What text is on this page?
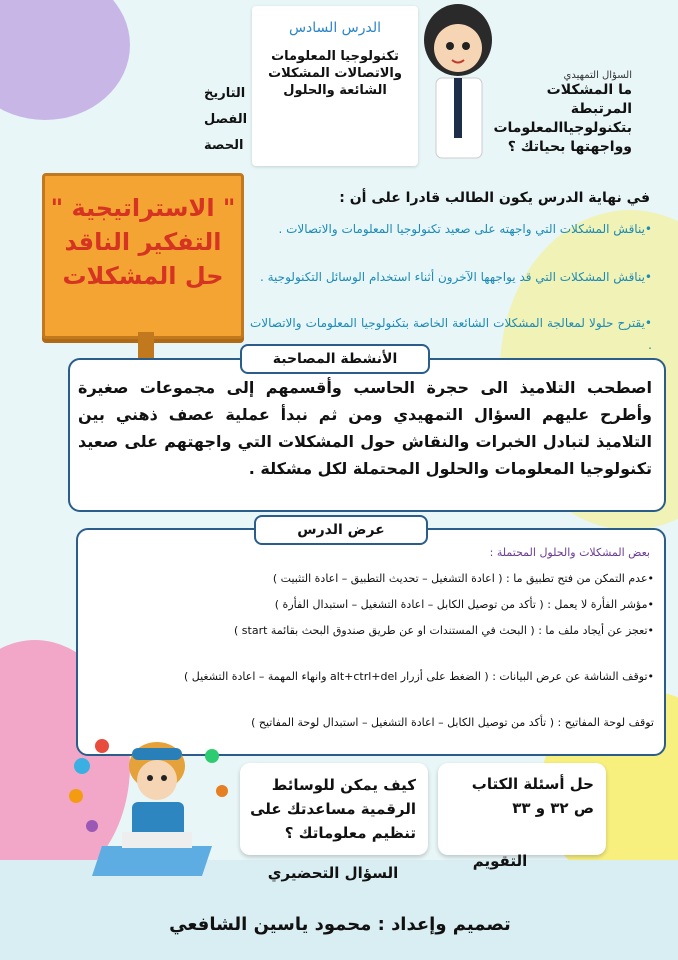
الدرس السادس
تكنولوجيا المعلومات والاتصالات المشكلات الشائعة والحلول
التاريخ
الفصل
الحصة
السؤال التمهيدي
ما المشكلات المرتبطة بتكنولوجياالمعلومات وواجهتها بحياتك ؟
" الاستراتيجية "
التفكير الناقد
حل المشكلات
في نهاية الدرس يكون الطالب قادرا على أن :
•يناقش المشكلات التي واجهته على صعيد تكنولوجيا المعلومات والاتصالات .
•يناقش المشكلات التي قد يواجهها الآخرون أثناء استخدام الوسائل التكنولوجية .
•يقترح حلولا لمعالجة المشكلات الشائعة الخاصة بتكنولوجيا المعلومات والاتصالات .
الأنشطة المصاحبة
اصطحب التلاميذ الى حجرة الحاسب وأقسمهم إلى مجموعات صغيرة وأطرح عليهم السؤال التمهيدي ومن ثم نبدأ عملية عصف ذهني بين التلاميذ لتبادل الخبرات والنقاش حول المشكلات التي واجهتهم على صعيد تكنولوجيا المعلومات والحلول المحتملة لكل مشكلة .
عرض الدرس
بعض المشكلات والحلول المحتملة :
•عدم التمكن من فتح تطبيق ما : ( اعادة التشغيل – تحديث التطبيق – اعادة التثبيت )
•مؤشر الفأرة لا يعمل : ( تأكد من توصيل الكابل – اعادة التشغيل – استبدال الفأرة )
•تعجز عن أيجاد ملف ما : ( البحث في المستندات او عن طريق صندوق البحث بقائمة start )
•توقف الشاشة عن عرض البيانات : ( الضغط على أزرار alt+ctrl+del وانهاء المهمة – اعادة التشغيل )
توقف لوحة المفاتيح : ( تأكد من توصيل الكابل – اعادة التشغيل – استبدال لوحة المفاتيح )
كيف يمكن للوسائط الرقمية مساعدتك على تنظيم معلوماتك ؟
السؤال التحضيري
حل أسئلة الكتاب
ص ٣٢ و ٣٣
التقويم
تصميم وإعداد : محمود ياسين الشافعي
